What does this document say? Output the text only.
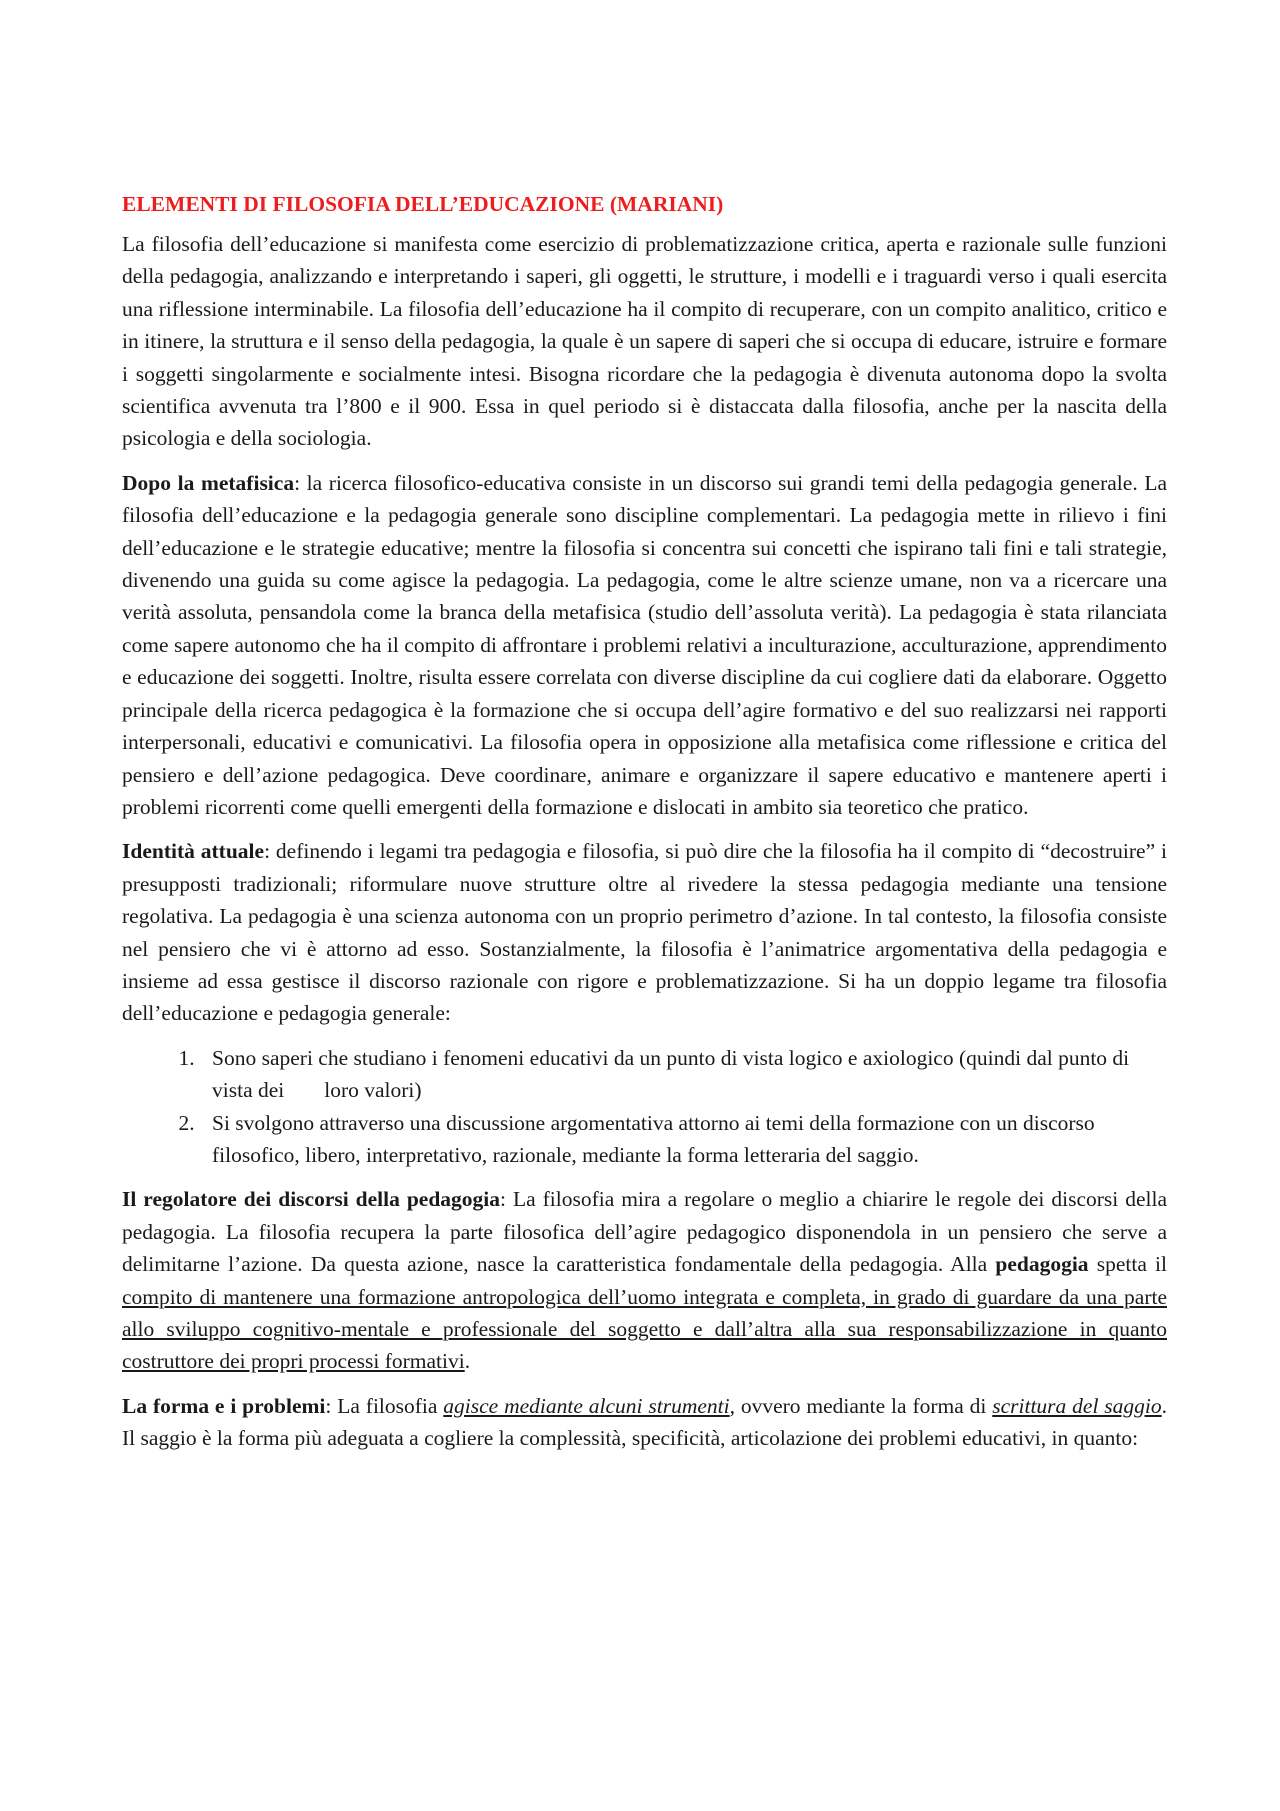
ELEMENTI DI FILOSOFIA DELL’EDUCAZIONE (MARIANI)

La filosofia dell’educazione si manifesta come esercizio di problematizzazione critica, aperta e razionale sulle funzioni della pedagogia, analizzando e interpretando i saperi, gli oggetti, le strutture, i modelli e i traguardi verso i quali esercita una riflessione interminabile. La filosofia dell’educazione ha il compito di recuperare, con un compito analitico, critico e in itinere, la struttura e il senso della pedagogia, la quale è un sapere di saperi che si occupa di educare, istruire e formare i soggetti singolarmente e socialmente intesi. Bisogna ricordare che la pedagogia è divenuta autonoma dopo la svolta scientifica avvenuta tra l’800 e il 900. Essa in quel periodo si è distaccata dalla filosofia, anche per la nascita della psicologia e della sociologia.

Dopo la metafisica: la ricerca filosofico-educativa consiste in un discorso sui grandi temi della pedagogia generale. La filosofia dell’educazione e la pedagogia generale sono discipline complementari. La pedagogia mette in rilievo i fini dell’educazione e le strategie educative; mentre la filosofia si concentra sui concetti che ispirano tali fini e tali strategie, divenendo una guida su come agisce la pedagogia. La pedagogia, come le altre scienze umane, non va a ricercare una verità assoluta, pensandola come la branca della metafisica (studio dell’assoluta verità). La pedagogia è stata rilanciata come sapere autonomo che ha il compito di affrontare i problemi relativi a inculturazione, acculturazione, apprendimento e educazione dei soggetti. Inoltre, risulta essere correlata con diverse discipline da cui cogliere dati da elaborare. Oggetto principale della ricerca pedagogica è la formazione che si occupa dell’agire formativo e del suo realizzarsi nei rapporti interpersonali, educativi e comunicativi. La filosofia opera in opposizione alla metafisica come riflessione e critica del pensiero e dell’azione pedagogica. Deve coordinare, animare e organizzare il sapere educativo e mantenere aperti i problemi ricorrenti come quelli emergenti della formazione e dislocati in ambito sia teoretico che pratico.

Identità attuale: definendo i legami tra pedagogia e filosofia, si può dire che la filosofia ha il compito di “decostruire” i presupposti tradizionali; riformulare nuove strutture oltre al rivedere la stessa pedagogia mediante una tensione regolativa. La pedagogia è una scienza autonoma con un proprio perimetro d’azione. In tal contesto, la filosofia consiste nel pensiero che vi è attorno ad esso. Sostanzialmente, la filosofia è l’animatrice argomentativa della pedagogia e insieme ad essa gestisce il discorso razionale con rigore e problematizzazione. Si ha un doppio legame tra filosofia dell’educazione e pedagogia generale:

1. Sono saperi che studiano i fenomeni educativi da un punto di vista logico e axiologico (quindi dal punto di vista dei loro valori)
2. Si svolgono attraverso una discussione argomentativa attorno ai temi della formazione con un discorso filosofico, libero, interpretativo, razionale, mediante la forma letteraria del saggio.

Il regolatore dei discorsi della pedagogia: La filosofia mira a regolare o meglio a chiarire le regole dei discorsi della pedagogia. La filosofia recupera la parte filosofica dell’agire pedagogico disponendola in un pensiero che serve a delimitarne l’azione. Da questa azione, nasce la caratteristica fondamentale della pedagogia. Alla pedagogia spetta il compito di mantenere una formazione antropologica dell’uomo integrata e completa, in grado di guardare da una parte allo sviluppo cognitivo-mentale e professionale del soggetto e dall’altra alla sua responsabilizzazione in quanto costruttore dei propri processi formativi.

La forma e i problemi: La filosofia agisce mediante alcuni strumenti, ovvero mediante la forma di scrittura del saggio. Il saggio è la forma più adeguata a cogliere la complessità, specificità, articolazione dei problemi educativi, in quanto:
